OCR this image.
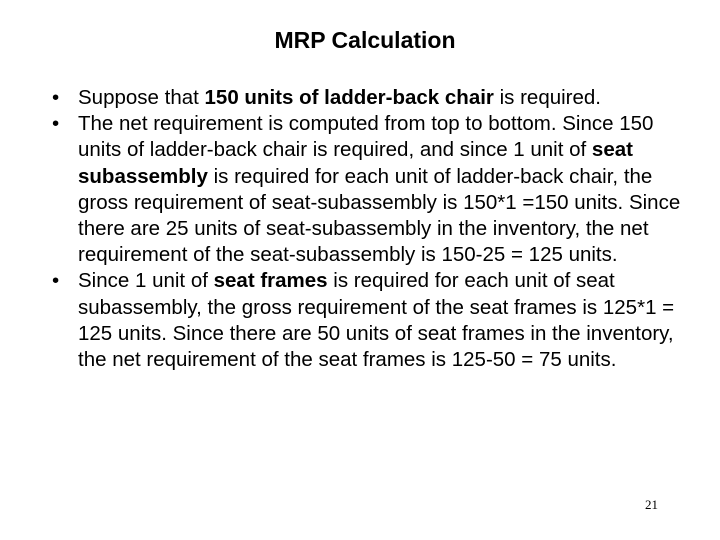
MRP Calculation
• Suppose that 150 units of ladder-back chair is required.
• The net requirement is computed from top to bottom. Since 150 units of ladder-back chair is required, and since 1 unit of seat subassembly is required for each unit of ladder-back chair, the gross requirement of seat-subassembly is 150*1 =150 units. Since there are 25 units of seat-subassembly in the inventory, the net requirement of the seat-subassembly is 150-25 = 125 units.
• Since 1 unit of seat frames is required for each unit of seat subassembly, the gross requirement of the seat frames is 125*1 = 125 units. Since there are 50 units of seat frames in the inventory, the net requirement of the seat frames is 125-50 = 75 units.
21
